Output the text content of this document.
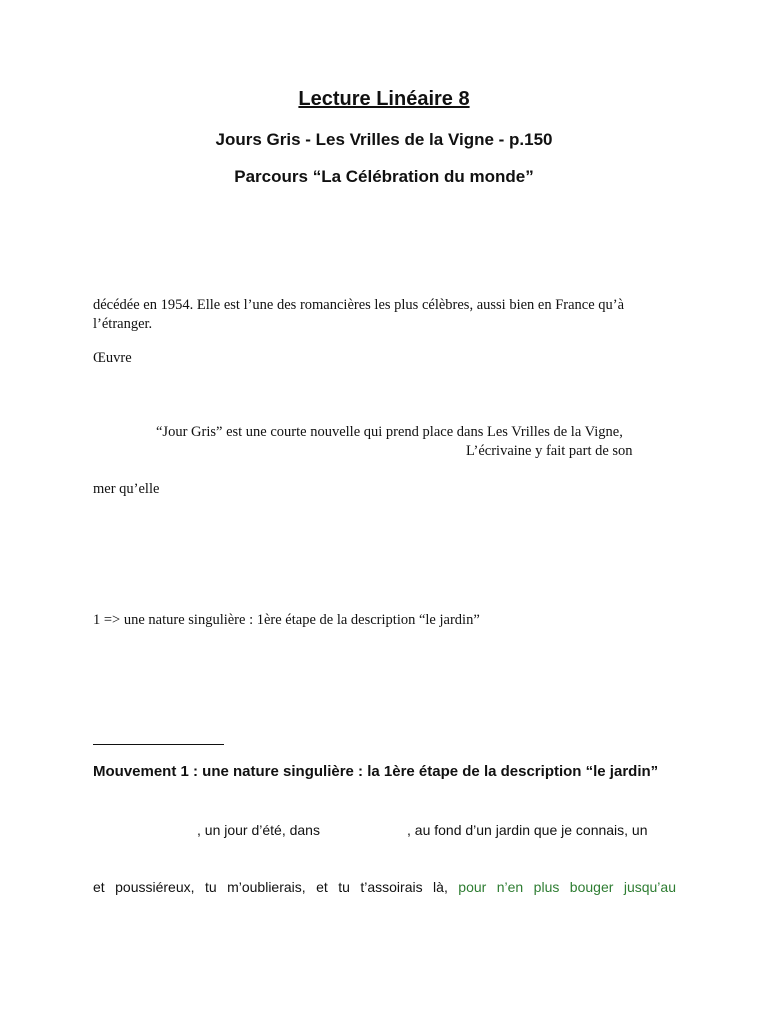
Lecture Linéaire 8
Jours Gris - Les Vrilles de la Vigne - p.150
Parcours “La Célébration du monde”
décédée en 1954. Elle est l’une des romancières les plus célèbres, aussi bien en France qu’à
l’étranger.
Œuvre
“Jour Gris” est une courte nouvelle qui prend place dans Les Vrilles de la Vigne,
L’écrivaine y fait part de son
mer qu’elle
1 => une nature singulière : 1ère étape de la description “le jardin”
Mouvement 1 : une nature singulière : la 1ère étape de la description “le jardin”
, un jour d’été, dans	, au fond d’un jardin que je connais, un
et poussiéreux, tu m’oublierais, et tu t’assoirais là, pour n’en plus bouger jusqu’au
